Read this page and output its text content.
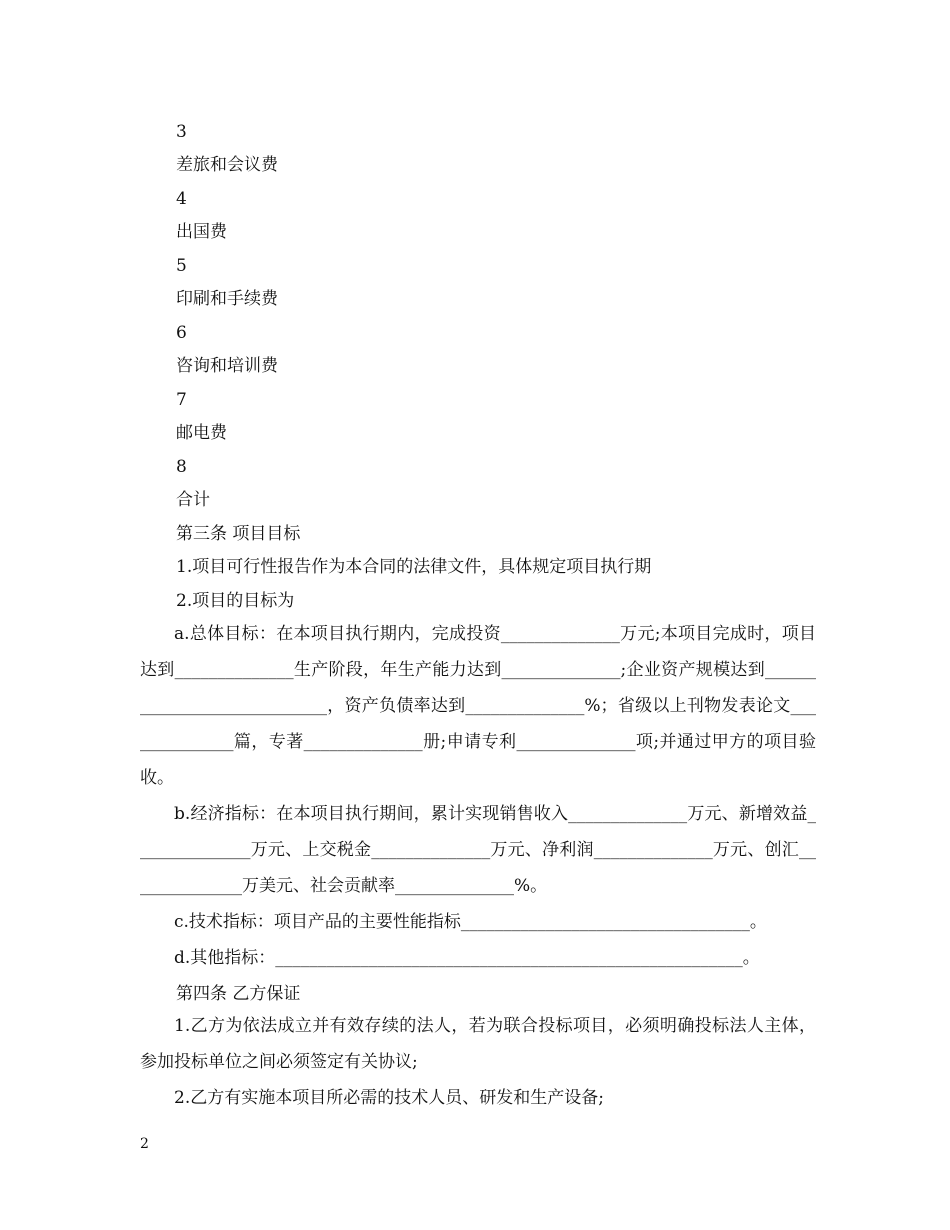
3
差旅和会议费
4
出国费
5
印刷和手续费
6
咨询和培训费
7
邮电费
8
合计
第三条 项目目标
1.项目可行性报告作为本合同的法律文件，具体规定项目执行期
2.项目的目标为
a.总体目标：在本项目执行期内，完成投资______________万元;本项目完成时，项目达到______________生产阶段，年生产能力达到______________;企业资产规模达到____________________________，资产负债率达到______________%；省级以上刊物发表论文______________篇，专著______________册;申请专利______________项;并通过甲方的项目验收。
b.经济指标：在本项目执行期间，累计实现销售收入______________万元、新增效益______________万元、上交税金______________万元、净利润______________万元、创汇______________万美元、社会贡献率______________%。
c.技术指标：项目产品的主要性能指标__________________________________。
d.其他指标：_______________________________________________________。
第四条 乙方保证
1.乙方为依法成立并有效存续的法人，若为联合投标项目，必须明确投标法人主体，参加投标单位之间必须签定有关协议;
2.乙方有实施本项目所必需的技术人员、研发和生产设备;
2
